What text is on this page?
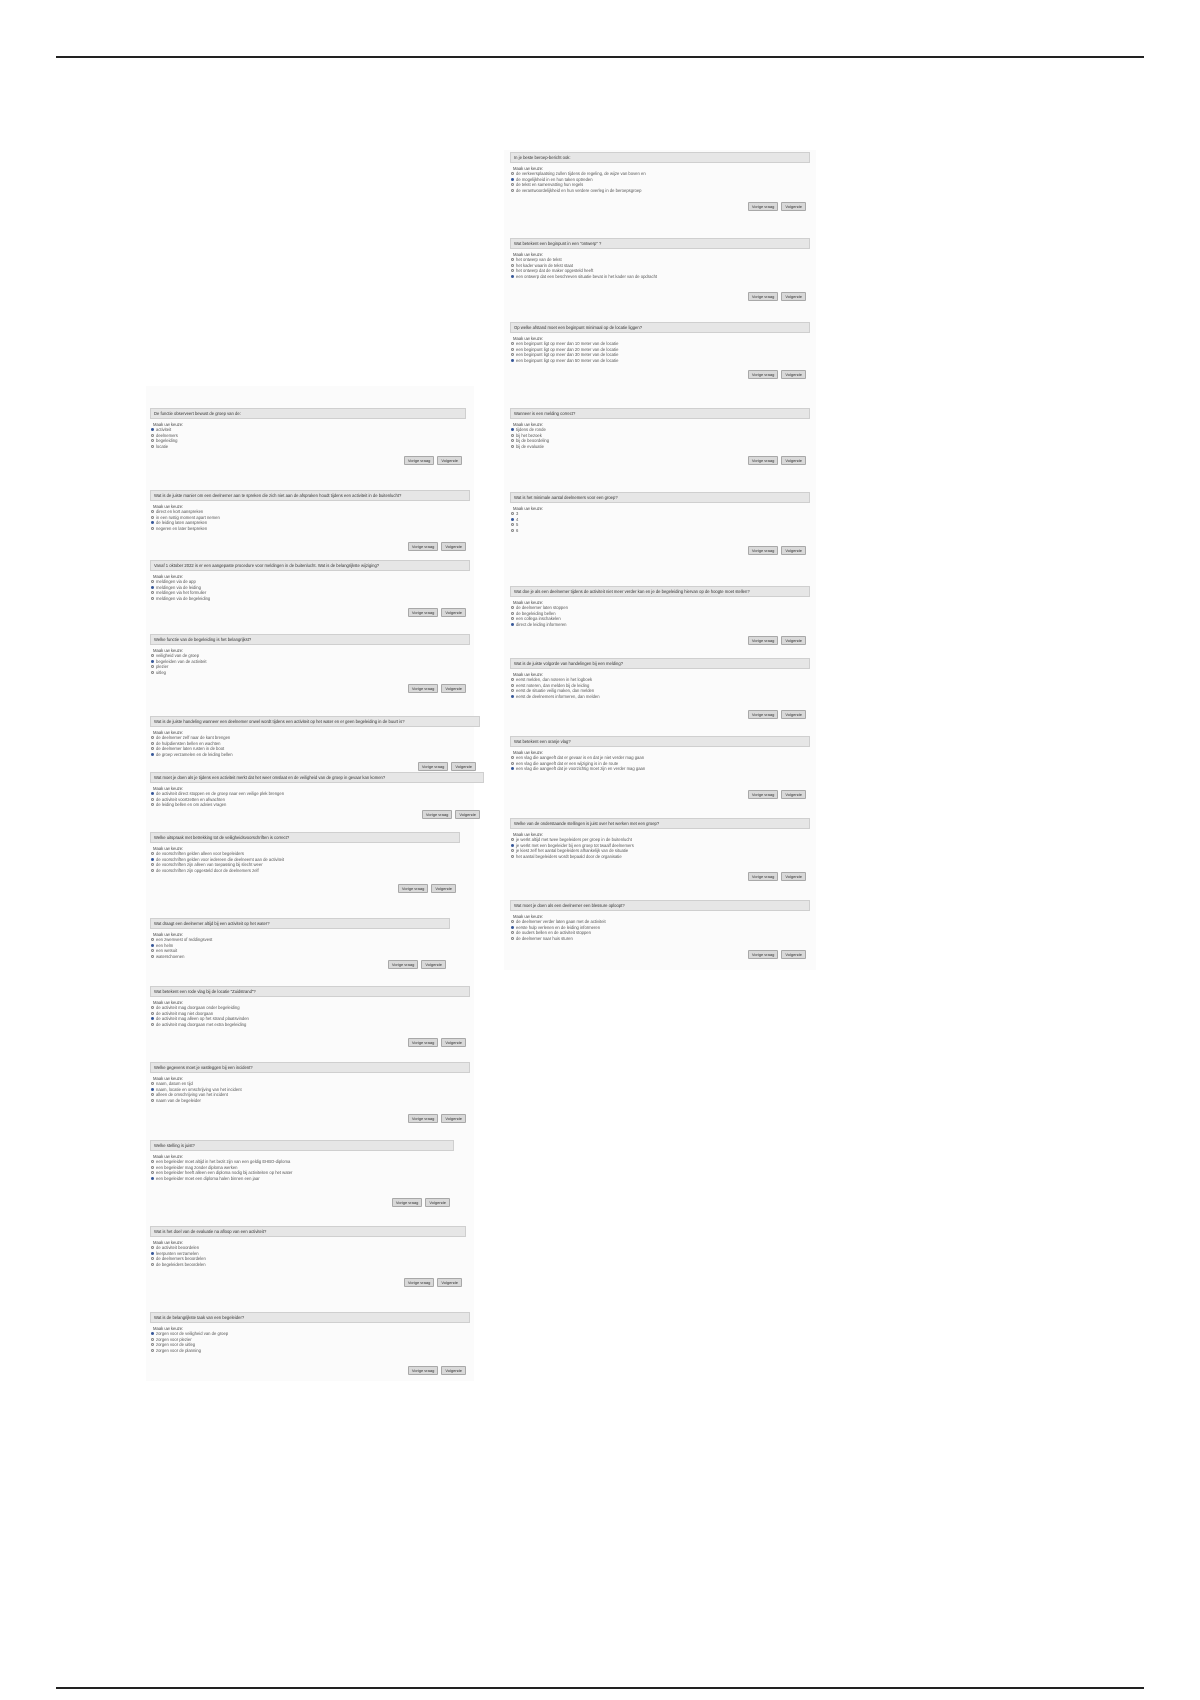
In je beste beroep-bericht ook:
Maak uw keuze:
de verkeersplaatsing zullen tijdens de regeling, de wijze van boven en
de mogelijkheid in en hun taken optreden
de tekst en samenvatting hun regels
de verantwoordelijkheid en hun verdere overleg in de beroepsgroep
Vorige vraag	Volgende
Wat betekent een beginpunt in een "ontwerp" ?
Maak uw keuze:
het ontwerp van de tekst
het kader waarin de tekst staat
het ontwerp dat de maker opgesteld heeft
een ontwerp dat een beschreven situatie bevat in het kader van de opdracht
Vorige vraag	Volgende
Op welke afstand moet een beginpunt minimaal op de locatie liggen?
Maak uw keuze:
een beginpunt ligt op meer dan 10 meter van de locatie
een beginpunt ligt op meer dan 20 meter van de locatie
een beginpunt ligt op meer dan 30 meter van de locatie
een beginpunt ligt op meer dan 50 meter van de locatie
Vorige vraag	Volgende
Wanneer is een melding correct?
Maak uw keuze:
tijdens de ronde
bij het bezoek
bij de beoordeling
bij de evaluatie
Vorige vraag	Volgende
Wat is het minimale aantal deelnemers voor een groep?
Maak uw keuze:
3
4
5
6
Vorige vraag	Volgende
Wat doe je als een deelnemer tijdens de activiteit niet meer verder kan en je de begeleiding hiervan op de hoogte moet stellen?
Maak uw keuze:
de deelnemer laten stoppen
de begeleiding bellen
een collega inschakelen
direct de leiding informeren
Vorige vraag	Volgende
Wat is de juiste volgorde van handelingen bij een melding?
Maak uw keuze:
eerst melden, dan noteren in het logboek
eerst noteren, dan melden bij de leiding
eerst de situatie veilig maken, dan melden
eerst de deelnemers informeren, dan melden
Vorige vraag	Volgende
Wat betekent een oranje vlag?
Maak uw keuze:
een vlag die aangeeft dat er gevaar is en dat je niet verder mag gaan
een vlag die aangeeft dat er een wijziging is in de route
een vlag die aangeeft dat je voorzichtig moet zijn en verder mag gaan
Vorige vraag	Volgende
Welke van de onderstaande stellingen is juist over het werken met een groep?
Maak uw keuze:
je werkt altijd met twee begeleiders per groep in de buitenlucht
je werkt met een begeleider bij een groep tot twaalf deelnemers
je kiest zelf het aantal begeleiders afhankelijk van de situatie
het aantal begeleiders wordt bepaald door de organisatie
Vorige vraag	Volgende
Wat moet je doen als een deelnemer een blessure oploopt?
Maak uw keuze:
de deelnemer verder laten gaan met de activiteit
eerste hulp verlenen en de leiding informeren
de ouders bellen en de activiteit stoppen
de deelnemer naar huis sturen
Vorige vraag	Volgende
De functie observeert bewust de groep van de:
Maak uw keuze:
activiteit
deelnemers
begeleiding
locatie
Vorige vraag	Volgende
Wat is de juiste manier om een deelnemer aan te spreken die zich niet aan de afspraken houdt tijdens een activiteit in de buitenlucht?
Maak uw keuze:
direct en kort aanspreken
in een rustig moment apart nemen
de leiding laten aanspreken
negeren en later bespreken
Vorige vraag	Volgende
Vanaf 1 oktober 2022 is er een aangepaste procedure voor meldingen in de buitenlucht. Wat is de belangrijkste wijziging?
Maak uw keuze:
meldingen via de app
meldingen via de leiding
meldingen via het formulier
meldingen via de begeleiding
Vorige vraag	Volgende
Welke functie van de begeleiding is het belangrijkst?
Maak uw keuze:
veiligheid van de groep
begeleiden van de activiteit
plezier
uitleg
Vorige vraag	Volgende
Wat is de juiste handeling wanneer een deelnemer onwel wordt tijdens een activiteit op het water en er geen begeleiding in de buurt is?
Maak uw keuze:
de deelnemer zelf naar de kant brengen
de hulpdiensten bellen en wachten
de deelnemer laten rusten in de boot
de groep verzamelen en de leiding bellen
Vorige vraag	Volgende
Wat moet je doen als je tijdens een activiteit merkt dat het weer omslaat en de veiligheid van de groep in gevaar kan komen?
Maak uw keuze:
de activiteit direct stoppen en de groep naar een veilige plek brengen
de activiteit voortzetten en afwachten
de leiding bellen en om advies vragen
Vorige vraag	Volgende
Welke uitspraak met betrekking tot de veiligheidsvoorschriften is correct?
Maak uw keuze:
de voorschriften gelden alleen voor begeleiders
de voorschriften gelden voor iedereen die deelneemt aan de activiteit
de voorschriften zijn alleen van toepassing bij slecht weer
de voorschriften zijn opgesteld door de deelnemers zelf
Vorige vraag	Volgende
Wat draagt een deelnemer altijd bij een activiteit op het water?
Maak uw keuze:
een zwemvest of reddingsvest
een helm
een wetsuit
waterschoenen
Vorige vraag	Volgende
Wat betekent een rode vlag bij de locatie "Zuidstrand"?
Maak uw keuze:
de activiteit mag doorgaan onder begeleiding
de activiteit mag niet doorgaan
de activiteit mag alleen op het strand plaatsvinden
de activiteit mag doorgaan met extra begeleiding
Vorige vraag	Volgende
Welke gegevens moet je vastleggen bij een incident?
Maak uw keuze:
naam, datum en tijd
naam, locatie en omschrijving van het incident
alleen de omschrijving van het incident
naam van de begeleider
Vorige vraag	Volgende
Welke stelling is juist?
Maak uw keuze:
een begeleider moet altijd in het bezit zijn van een geldig EHBO-diploma
een begeleider mag zonder diploma werken
een begeleider heeft alleen een diploma nodig bij activiteiten op het water
een begeleider moet een diploma halen binnen een jaar
Vorige vraag	Volgende
Wat is het doel van de evaluatie na afloop van een activiteit?
Maak uw keuze:
de activiteit beoordelen
leerpunten verzamelen
de deelnemers beoordelen
de begeleiders beoordelen
Vorige vraag	Volgende
Wat is de belangrijkste taak van een begeleider?
Maak uw keuze:
zorgen voor de veiligheid van de groep
zorgen voor plezier
zorgen voor de uitleg
zorgen voor de planning
Vorige vraag	Volgende
